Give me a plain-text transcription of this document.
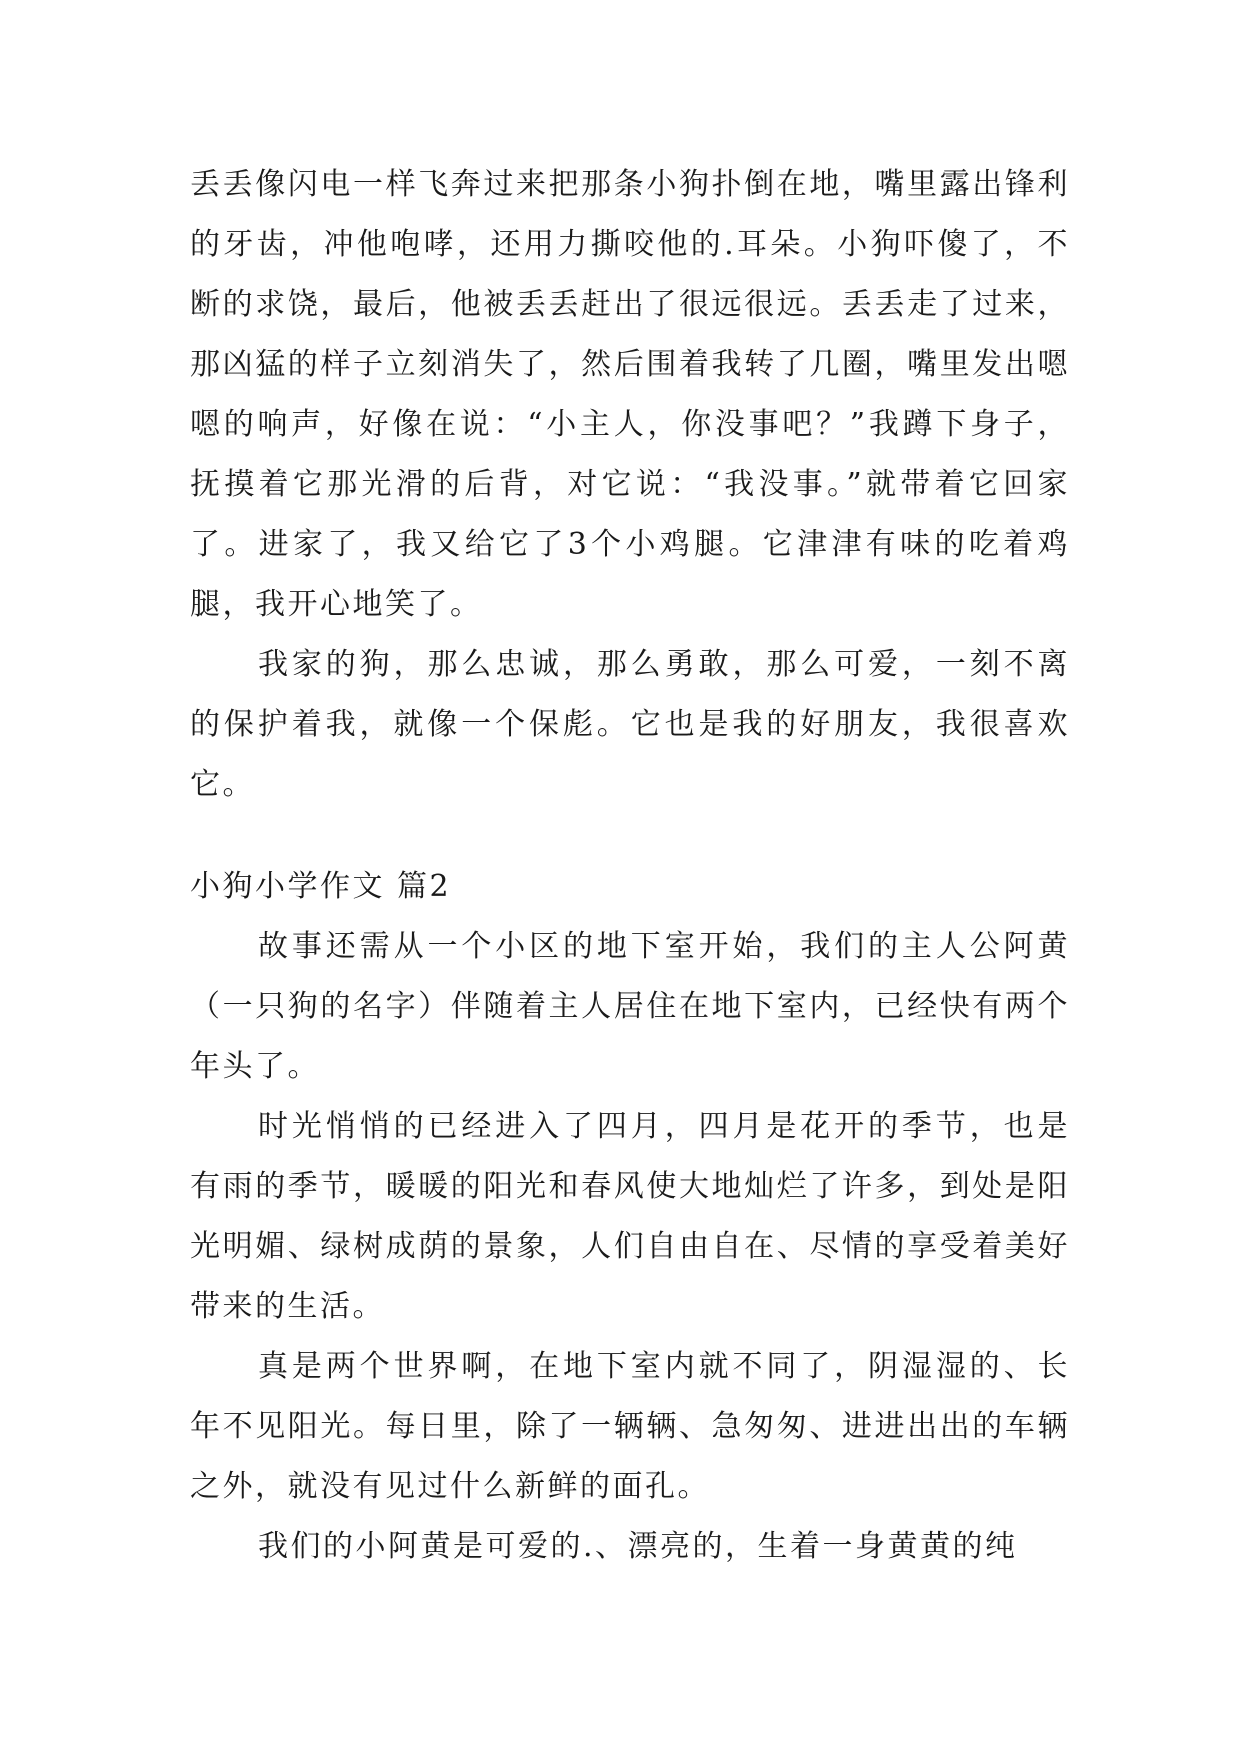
丢丢像闪电一样飞奔过来把那条小狗扑倒在地，嘴里露出锋利的牙齿，冲他咆哮，还用力撕咬他的.耳朵。小狗吓傻了，不断的求饶，最后，他被丢丢赶出了很远很远。丢丢走了过来，那凶猛的样子立刻消失了，然后围着我转了几圈，嘴里发出嗯嗯的响声，好像在说：“小主人，你没事吧？”我蹲下身子，抚摸着它那光滑的后背，对它说：“我没事。”就带着它回家了。进家了，我又给它了3个小鸡腿。它津津有味的吃着鸡腿，我开心地笑了。

我家的狗，那么忠诚，那么勇敢，那么可爱，一刻不离的保护着我，就像一个保彪。它也是我的好朋友，我很喜欢它。

小狗小学作文 篇2

故事还需从一个小区的地下室开始，我们的主人公阿黄（一只狗的名字）伴随着主人居住在地下室内，已经快有两个年头了。

时光悄悄的已经进入了四月，四月是花开的季节，也是有雨的季节，暖暖的阳光和春风使大地灿烂了许多，到处是阳光明媚、绿树成荫的景象，人们自由自在、尽情的享受着美好带来的生活。

真是两个世界啊，在地下室内就不同了，阴湿湿的、长年不见阳光。每日里，除了一辆辆、急匆匆、进进出出的车辆之外，就没有见过什么新鲜的面孔。

我们的小阿黄是可爱的.、漂亮的，生着一身黄黄的纯
